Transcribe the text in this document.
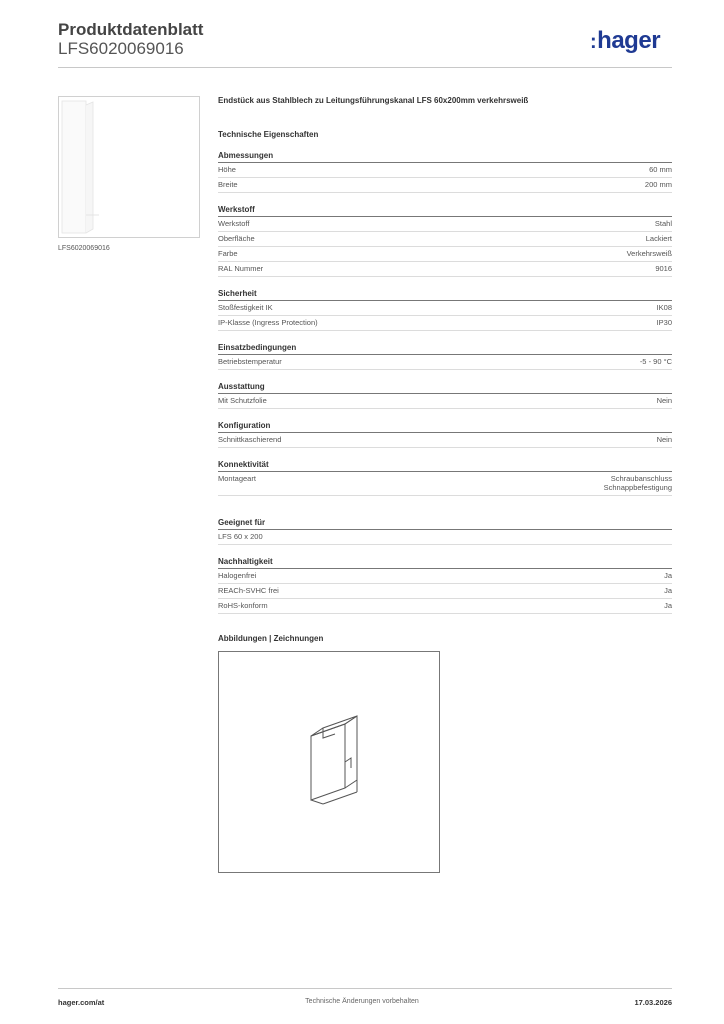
Produktdatenblatt
LFS6020069016	:hager
LFS6020069016
Endstück aus Stahlblech zu Leitungsführungskanal LFS 60x200mm verkehrsweiß
Technische Eigenschaften
Abmessungen
Höhe	60 mm
Breite	200 mm
Werkstoff
Werkstoff	Stahl
Oberfläche	Lackiert
Farbe	Verkehrsweiß
RAL Nummer	9016
Sicherheit
Stoßfestigkeit IK	IK08
IP-Klasse (Ingress Protection)	IP30
Einsatzbedingungen
Betriebstemperatur	-5 - 90 °C
Ausstattung
Mit Schutzfolie	Nein
Konfiguration
Schnittkaschierend	Nein
Konnektivität
Montageart	Schraubanschluss
Schnappbefestigung
Geeignet für
LFS 60 x 200
Nachhaltigkeit
Halogenfrei	Ja
REACh-SVHC frei	Ja
RoHS-konform	Ja
Abbildungen | Zeichnungen
hager.com/at	Technische Änderungen vorbehalten	17.03.2026
